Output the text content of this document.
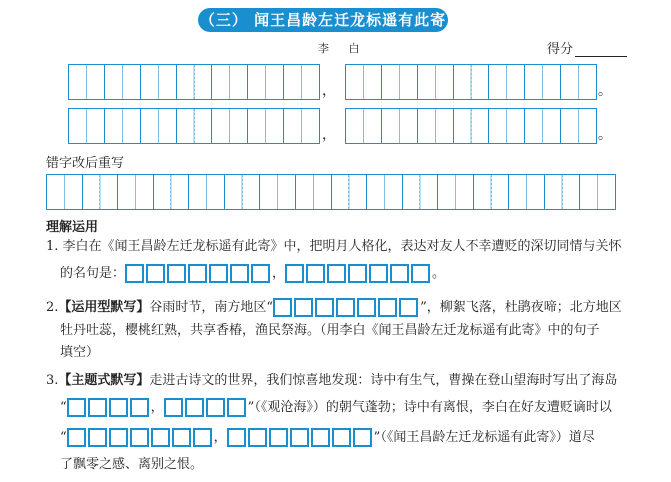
（三） 闻王昌龄左迁龙标遥有此寄
李 白	得分
，	。
，	。
错字改后重写
理解运用
1. 李白在《闻王昌龄左迁龙标遥有此寄》中，把明月人格化，表达对友人不幸遭贬的深切同情与关怀
的名句是：	，	。
2.【运用型默写】谷雨时节，南方地区“	”，柳絮飞落，杜鹃夜啼；北方地区
牡丹吐蕊，樱桃红熟，共享香椿，渔民祭海。（用李白《闻王昌龄左迁龙标遥有此寄》中的句子
填空）
3.【主题式默写】走进古诗文的世界，我们惊喜地发现：诗中有生气，曹操在登山望海时写出了海岛
“	，	”（《观沧海》）的朝气蓬勃；诗中有离恨，李白在好友遭贬谪时以
“	，	”（《闻王昌龄左迁龙标遥有此寄》）道尽
了飘零之感、离别之恨。
